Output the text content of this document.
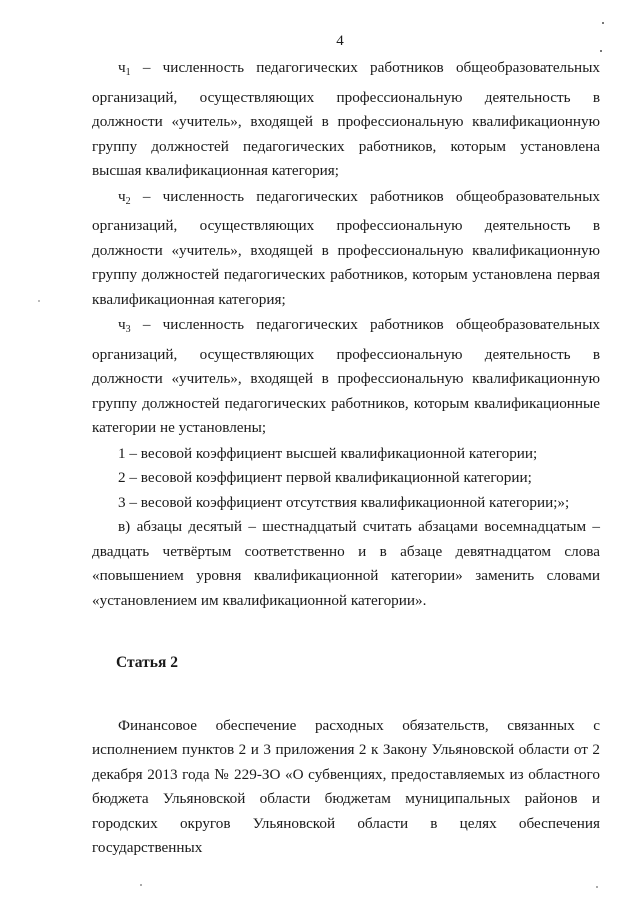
4

$ч_1$ – численность педагогических работников общеобразовательных организаций, осуществляющих профессиональную деятельность в должности «учитель», входящей в профессиональную квалификационную группу должностей педагогических работников, которым установлена высшая квалификационная категория;

$ч_2$ – численность педагогических работников общеобразовательных организаций, осуществляющих профессиональную деятельность в должности «учитель», входящей в профессиональную квалификационную группу должностей педагогических работников, которым установлена первая квалификационная категория;

$ч_3$ – численность педагогических работников общеобразовательных организаций, осуществляющих профессиональную деятельность в должности «учитель», входящей в профессиональную квалификационную группу должностей педагогических работников, которым квалификационные категории не установлены;

1 – весовой коэффициент высшей квалификационной категории;

2 – весовой коэффициент первой квалификационной категории;

3 – весовой коэффициент отсутствия квалификационной категории;»;

в) абзацы десятый – шестнадцатый считать абзацами восемнадцатым – двадцать четвёртым соответственно и в абзаце девятнадцатом слова «повышением уровня квалификационной категории» заменить словами «установлением им квалификационной категории».

Статья 2

Финансовое обеспечение расходных обязательств, связанных с исполнением пунктов 2 и 3 приложения 2 к Закону Ульяновской области от 2 декабря 2013 года № 229-ЗО «О субвенциях, предоставляемых из областного бюджета Ульяновской области бюджетам муниципальных районов и городских округов Ульяновской области в целях обеспечения государственных
